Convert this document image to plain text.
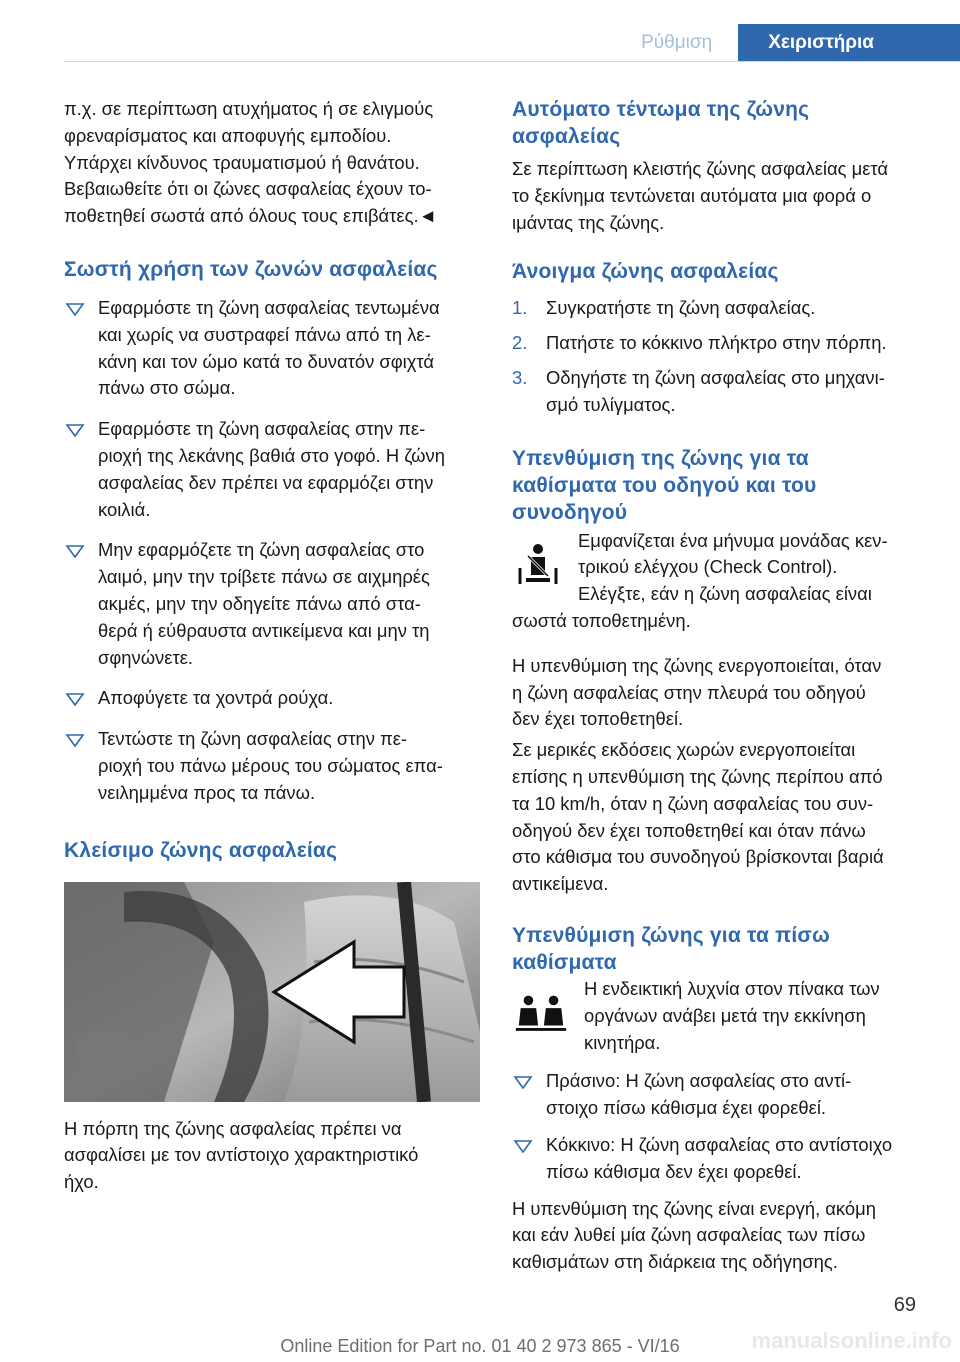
Ρύθμιση	Χειριστήρια

π.χ. σε περίπτωση ατυχήματος ή σε ελιγμούς

φρεναρίσματος και αποφυγής εμποδίου.

Υπάρχει κίνδυνος τραυματισμού ή θανάτου.

Βεβαιωθείτε ότι οι ζώνες ασφαλείας έχουν το-

ποθετηθεί σωστά από όλους τους επιβάτες.◄

Σωστή χρήση των ζωνών ασφαλείας
Εφαρμόστε τη ζώνη ασφαλείας τεντωμένα
και χωρίς να συστραφεί πάνω από τη λε-
κάνη και τον ώμο κατά το δυνατόν σφιχτά
πάνω στο σώμα.
Εφαρμόστε τη ζώνη ασφαλείας στην πε-
ριοχή της λεκάνης βαθιά στο γοφό. Η ζώνη
ασφαλείας δεν πρέπει να εφαρμόζει στην
κοιλιά.
Μην εφαρμόζετε τη ζώνη ασφαλείας στο
λαιμό, μην την τρίβετε πάνω σε αιχμηρές
ακμές, μην την οδηγείτε πάνω από στα-
θερά ή εύθραυστα αντικείμενα και μην τη
σφηνώνετε.
Αποφύγετε τα χοντρά ρούχα.
Τεντώστε τη ζώνη ασφαλείας στην πε-
ριοχή του πάνω μέρους του σώματος επα-
νειλημμένα προς τα πάνω.
Κλείσιμο ζώνης ασφαλείας

Η πόρπη της ζώνης ασφαλείας πρέπει να

ασφαλίσει με τον αντίστοιχο χαρακτηριστικό

ήχο.

Αυτόματο τέντωμα της ζώνης
ασφαλείας

Σε περίπτωση κλειστής ζώνης ασφαλείας μετά

το ξεκίνημα τεντώνεται αυτόματα μια φορά ο

ιμάντας της ζώνης.

Άνοιγμα ζώνης ασφαλείας
1. Συγκρατήστε τη ζώνη ασφαλείας.
2. Πατήστε το κόκκινο πλήκτρο στην πόρπη.
3. Οδηγήστε τη ζώνη ασφαλείας στο μηχανι-
σμό τυλίγματος.
Υπενθύμιση της ζώνης για τα
καθίσματα του οδηγού και του
συνοδηγού

Εμφανίζεται ένα μήνυμα μονάδας κεν-

τρικού ελέγχου (Check Control).

Ελέγξτε, εάν η ζώνη ασφαλείας είναι

σωστά τοποθετημένη.

Η υπενθύμιση της ζώνης ενεργοποιείται, όταν

η ζώνη ασφαλείας στην πλευρά του οδηγού

δεν έχει τοποθετηθεί.

Σε μερικές εκδόσεις χωρών ενεργοποιείται

επίσης η υπενθύμιση της ζώνης περίπου από

τα 10 km/h, όταν η ζώνη ασφαλείας του συν-

οδηγού δεν έχει τοποθετηθεί και όταν πάνω

στο κάθισμα του συνοδηγού βρίσκονται βαριά

αντικείμενα.

Υπενθύμιση ζώνης για τα πίσω
καθίσματα

Η ενδεικτική λυχνία στον πίνακα των

οργάνων ανάβει μετά την εκκίνηση

κινητήρα.

Πράσινο: Η ζώνη ασφαλείας στο αντί-
στοιχο πίσω κάθισμα έχει φορεθεί.
Κόκκινο: Η ζώνη ασφαλείας στο αντίστοιχο
πίσω κάθισμα δεν έχει φορεθεί.

Η υπενθύμιση της ζώνης είναι ενεργή, ακόμη

και εάν λυθεί μία ζώνη ασφαλείας των πίσω

καθισμάτων στη διάρκεια της οδήγησης.

69
manualsonline.info
Online Edition for Part no. 01 40 2 973 865 - VI/16
